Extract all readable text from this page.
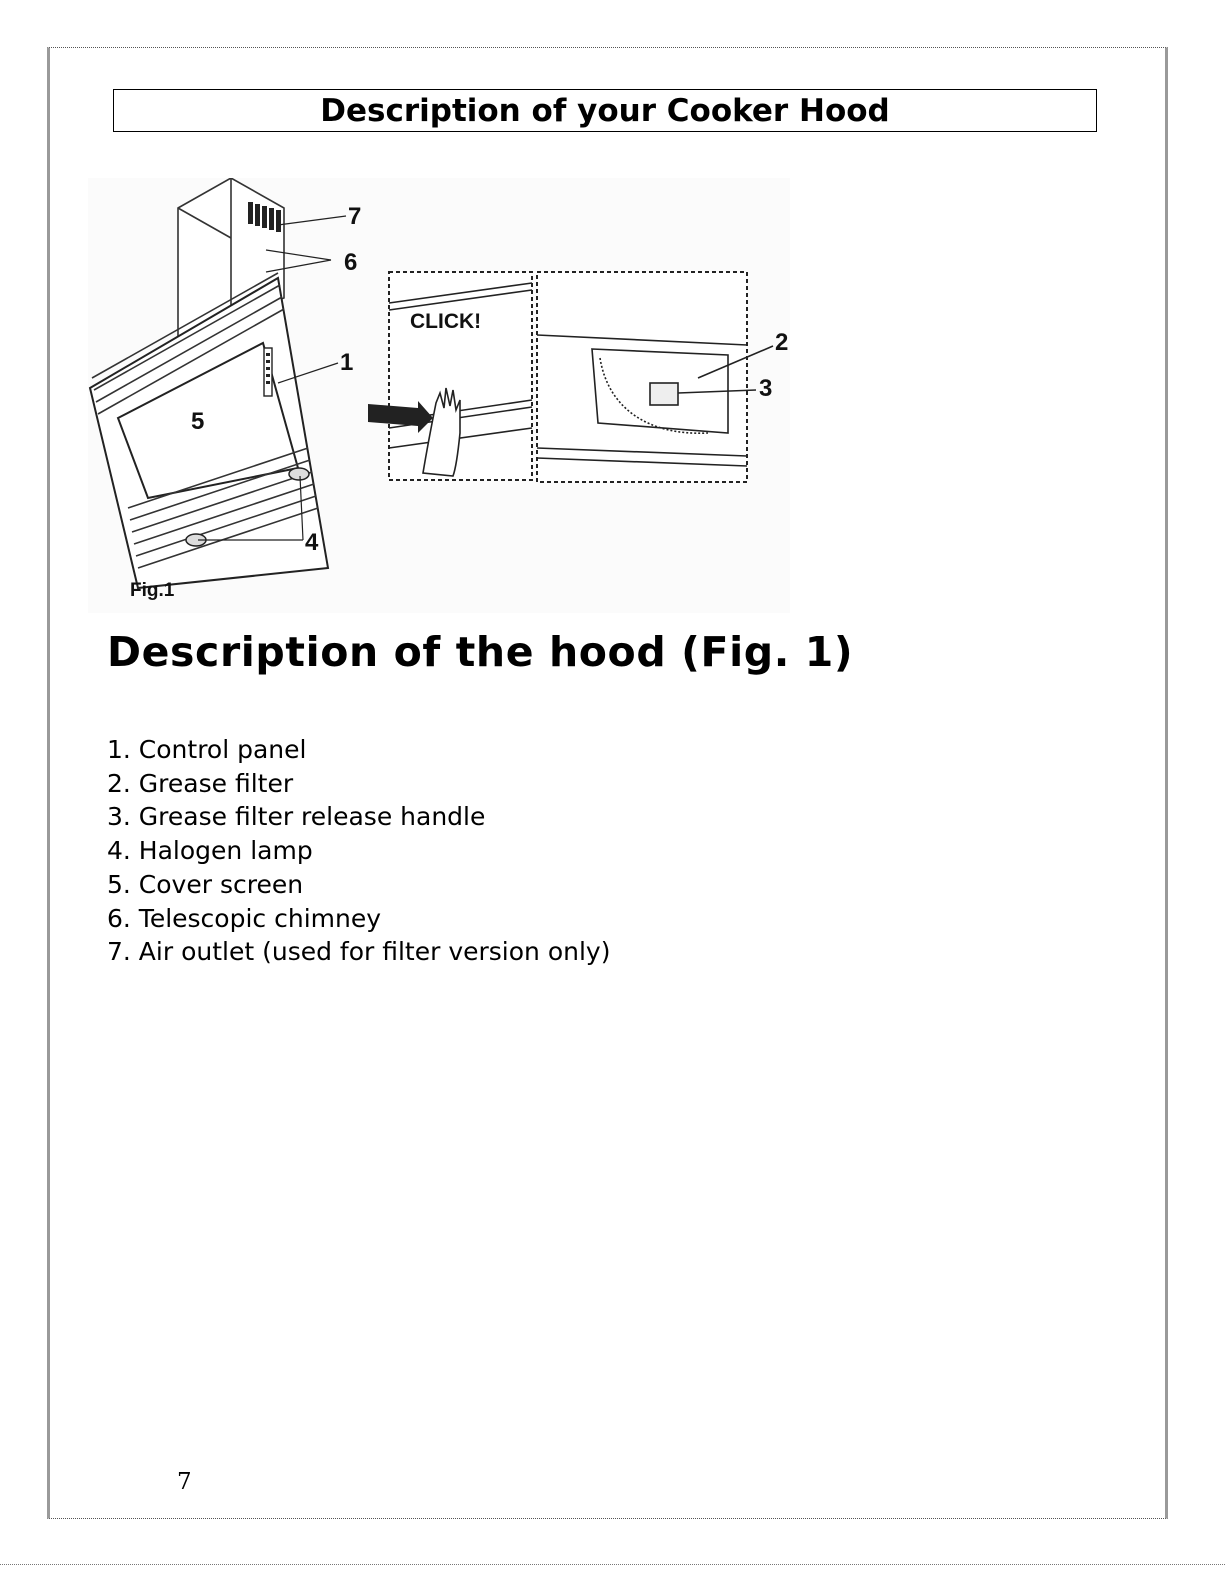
Description of your Cooker Hood
7
6
1
5
4
Fig.1
CLICK!
2
3
Description of the hood (Fig. 1)
1. Control panel
2. Grease filter
3. Grease filter release handle
4. Halogen lamp
5. Cover screen
6. Telescopic chimney
7. Air outlet (used for filter version only)
7
